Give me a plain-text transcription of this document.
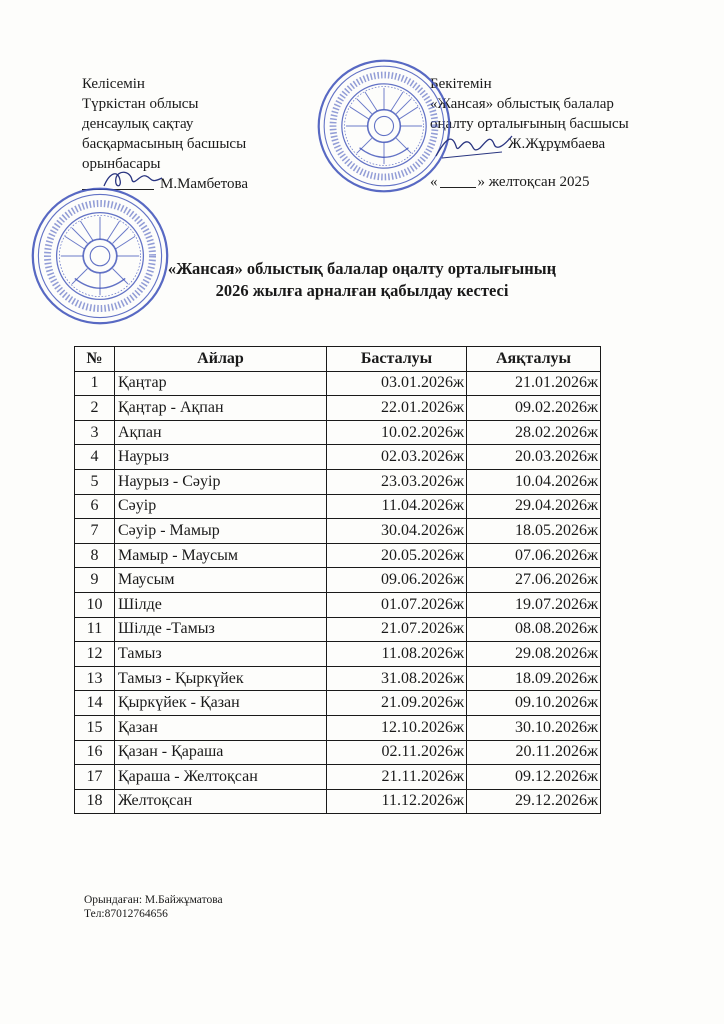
Келісемін
Түркістан облысы
денсаулық сақтау
басқармасының басшысы
орынбасары
М.Мамбетова
Бекітемін
«Жансая» облыстық балалар
оңалту орталығының басшысы
Ж.Жұрұмбаева
«	» желтоқсан 2025
«Жансая» облыстық балалар оңалту орталығының
2026 жылға арналған қабылдау кестесі
№	Айлар	Басталуы	Аяқталуы
1	Қаңтар	03.01.2026ж	21.01.2026ж
2	Қаңтар - Ақпан	22.01.2026ж	09.02.2026ж
3	Ақпан	10.02.2026ж	28.02.2026ж
4	Наурыз	02.03.2026ж	20.03.2026ж
5	Наурыз - Сәуір	23.03.2026ж	10.04.2026ж
6	Сәуір	11.04.2026ж	29.04.2026ж
7	Сәуір - Мамыр	30.04.2026ж	18.05.2026ж
8	Мамыр - Маусым	20.05.2026ж	07.06.2026ж
9	Маусым	09.06.2026ж	27.06.2026ж
10	Шілде	01.07.2026ж	19.07.2026ж
11	Шілде -Тамыз	21.07.2026ж	08.08.2026ж
12	Тамыз	11.08.2026ж	29.08.2026ж
13	Тамыз - Қыркүйек	31.08.2026ж	18.09.2026ж
14	Қыркүйек - Қазан	21.09.2026ж	09.10.2026ж
15	Қазан	12.10.2026ж	30.10.2026ж
16	Қазан - Қараша	02.11.2026ж	20.11.2026ж
17	Қараша - Желтоқсан	21.11.2026ж	09.12.2026ж
18	Желтоқсан	11.12.2026ж	29.12.2026ж
Орындаған: М.Байжұматова
Тел:87012764656
